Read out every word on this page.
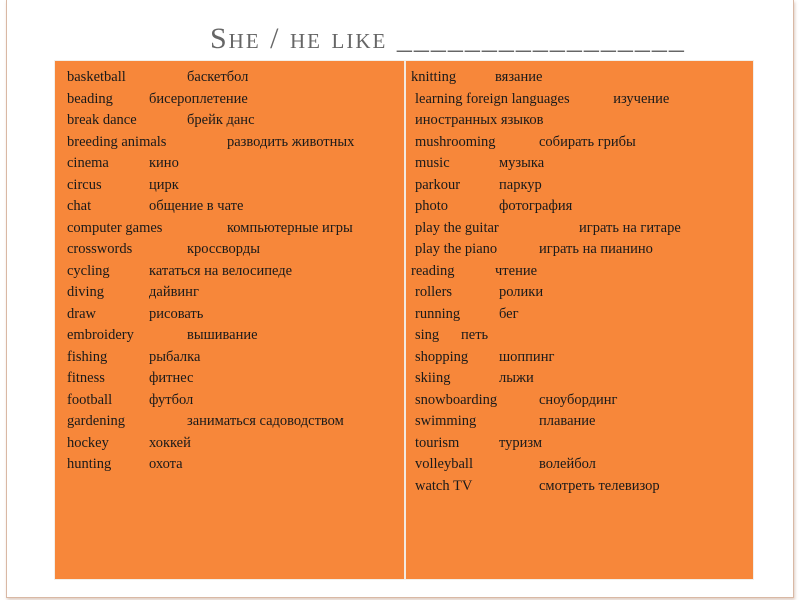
She / he like _________________
basketball	баскетбол
beading бисероплетение
break dance	брейк данс
breeding animals	разводить животных
cinema	кино
circus	цирк
chat	общение в чате
computer games	компьютерные игры
crosswords	кроссворды
cycling	кататься на велосипеде
diving	дайвинг
draw	рисовать
embroidery	вышивание
fishing	рыбалка
fitness	фитнес
football	футбол
gardening	заниматься садоводством
hockey	хоккей
hunting	охота
knitting	вязание
learning foreign languages	изучение иностранных языков
mushrooming	собирать грибы
music	музыка
parkour	паркур
photo	фотография
play the guitar	играть на гитаре
play the piano	играть на пианино
reading	чтение
rollers	ролики
running	бег
sing петь
shopping шоппинг
skiing	лыжи
snowboarding	сноубординг
swimming	плавание
tourism	туризм
volleyball	волейбол
watch TV	смотреть телевизор
